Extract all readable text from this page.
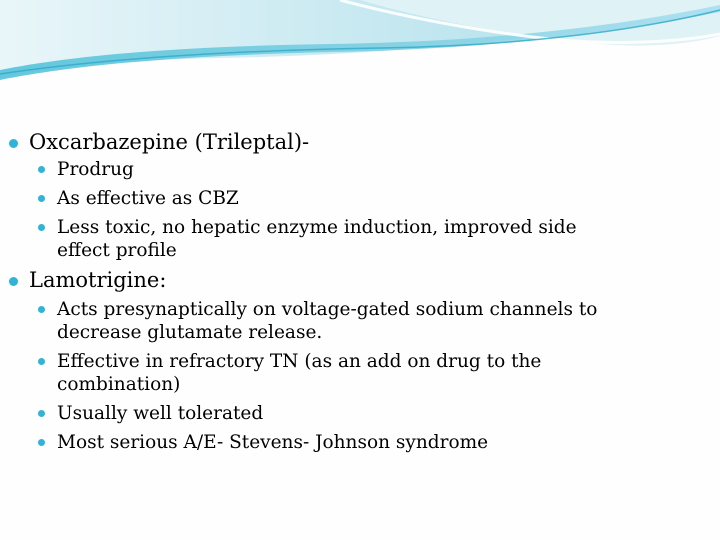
Oxcarbazepine (Trileptal)-
Prodrug
As effective as CBZ
Less toxic, no hepatic enzyme induction, improved side effect profile
Lamotrigine:
Acts presynaptically on voltage-gated sodium channels to decrease glutamate release.
Effective in refractory TN (as an add on drug to the combination)
Usually well tolerated
Most serious A/E- Stevens- Johnson syndrome
